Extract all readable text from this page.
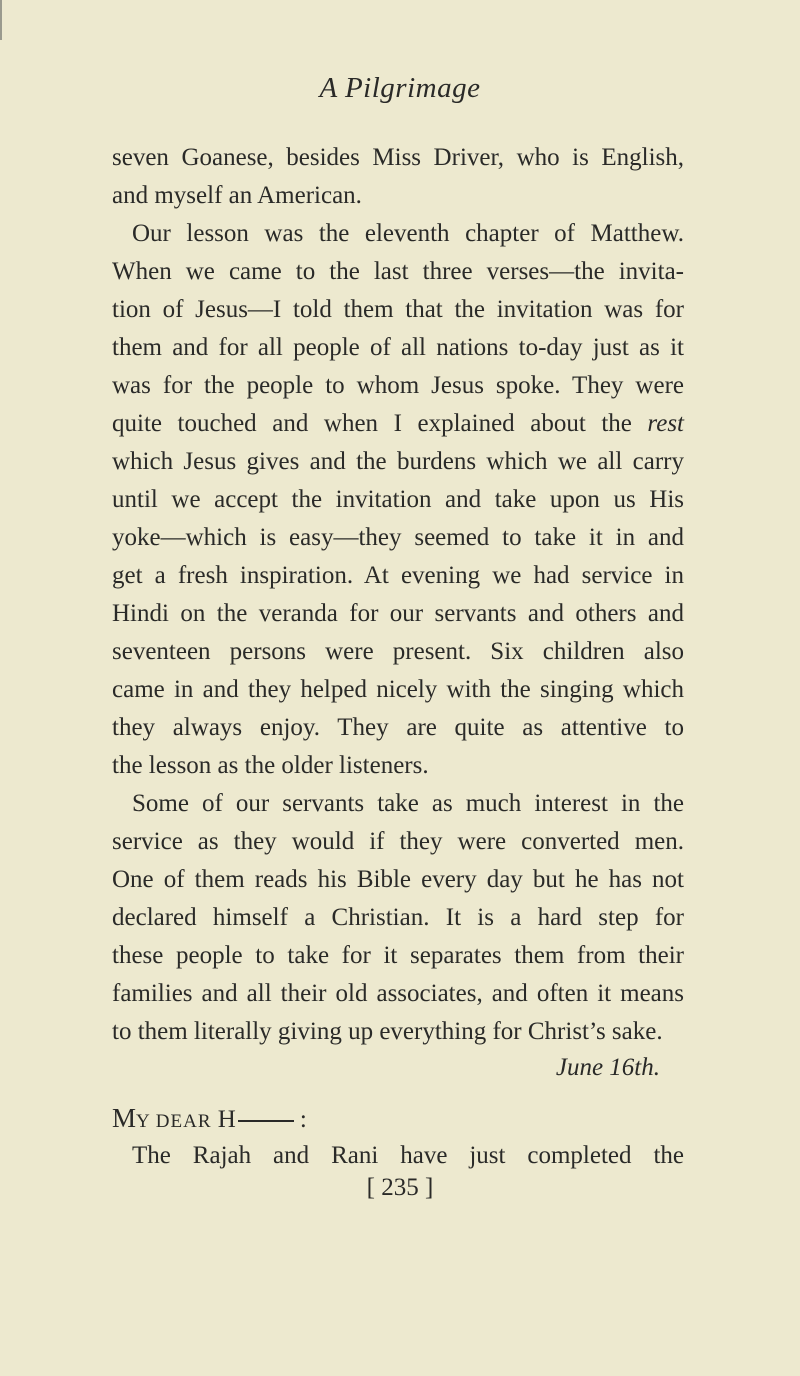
A Pilgrimage
seven Goanese, besides Miss Driver, who is English,
and myself an American.
Our lesson was the eleventh chapter of Matthew.
When we came to the last three verses—the invita-
tion of Jesus—I told them that the invitation was for
them and for all people of all nations to-day just as it
was for the people to whom Jesus spoke. They were
quite touched and when I explained about the rest
which Jesus gives and the burdens which we all carry
until we accept the invitation and take upon us His
yoke—which is easy—they seemed to take it in and
get a fresh inspiration. At evening we had service in
Hindi on the veranda for our servants and others and
seventeen persons were present. Six children also
came in and they helped nicely with the singing which
they always enjoy. They are quite as attentive to
the lesson as the older listeners.
Some of our servants take as much interest in the
service as they would if they were converted men.
One of them reads his Bible every day but he has not
declared himself a Christian. It is a hard step for
these people to take for it separates them from their
families and all their old associates, and often it means
to them literally giving up everything for Christ’s sake.
June 16th.
MY DEAR H	:
The Rajah and Rani have just completed the
[ 235 ]
